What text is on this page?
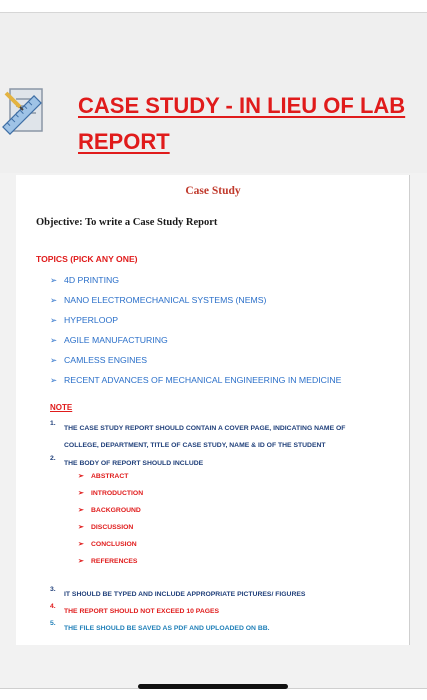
CASE STUDY - IN LIEU OF LAB REPORT
Case Study
Objective: To write a Case Study Report
TOPICS (PICK ANY ONE)
➢ 4D PRINTING
➢ NANO ELECTROMECHANICAL SYSTEMS (NEMS)
➢ HYPERLOOP
➢ AGILE MANUFACTURING
➢ CAMLESS ENGINES
➢ RECENT ADVANCES OF MECHANICAL ENGINEERING IN MEDICINE
NOTE
1.
THE CASE STUDY REPORT SHOULD CONTAIN A COVER PAGE, INDICATING NAME OF
COLLEGE, DEPARTMENT, TITLE OF CASE STUDY, NAME & ID OF THE STUDENT
2.
THE BODY OF REPORT SHOULD INCLUDE
➢ ABSTRACT
➢ INTRODUCTION
➢ BACKGROUND
➢ DISCUSSION
➢ CONCLUSION
➢ REFERENCES
3.
IT SHOULD BE TYPED AND INCLUDE APPROPRIATE PICTURES/ FIGURES
4.
THE REPORT SHOULD NOT EXCEED 10 PAGES
5.
THE FILE SHOULD BE SAVED AS PDF AND UPLOADED ON BB.
